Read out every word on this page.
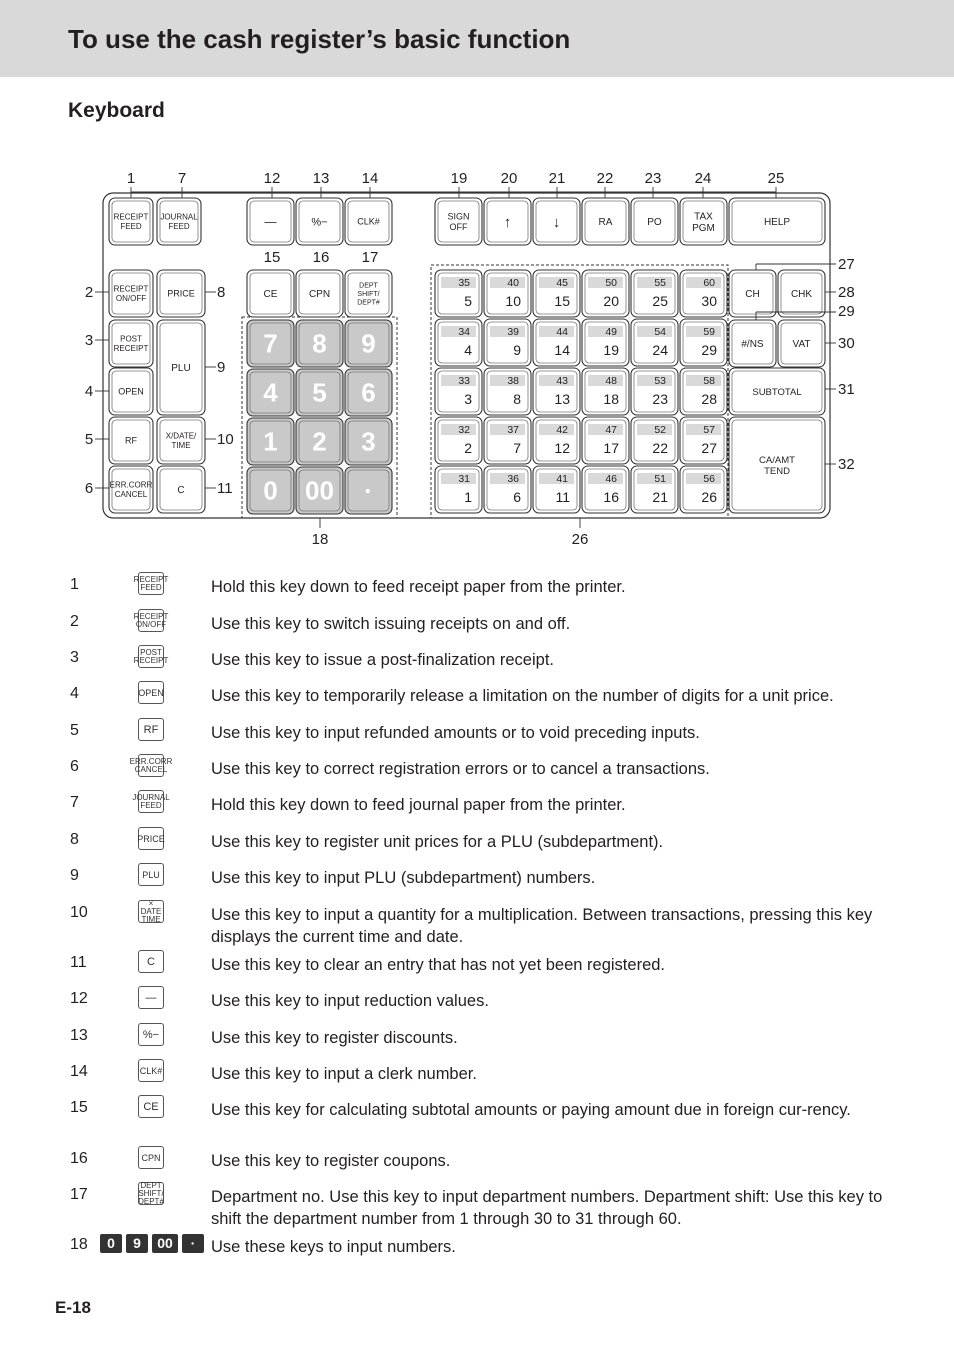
To use the cash register’s basic function
Keyboard
RECEIPT
FEED
JOURNAL
FEED
RECEIPT
ON/OFF PRICE
POST
RECEIPT
PLU
OPEN
RF	X/DATE/
TIME
ERR.CORR
CANCEL	C
—	%−	CLK#
CE	CPN
DEPT
SHIFT/
DEPT#
7 8 9
4 5 6
1 2 3
0 00 ·
SIGN
OFF ↑	↓	RA	PO
TAX
PGM
HELP
35
5
40
10
45
15
50
20
55
25
60
30
34
4
39
9
44
14
49
19
54
24
59
29
33
3
38
8
43
13
48
18
53
23
58
28
32
2
37
7
42
12
47
17
52
22
57
27
31
1
36
6
41
11
46
16
51
21
56
26
CH	CHK
#/NS	VAT
SUBTOTAL
CA/AMT
TEND
1	7	12 13 14	19 20 21 22 23 24	25
15 16 17
2
3
4
5
6
8
9
10
11
27
28
29
30
31
32
18	26
1	RECEIPT
FEED	Hold this key down to feed receipt paper from the printer.
2	RECEIPT
ON/OFF	Use this key to switch issuing receipts on and off.
3	POST
RECEIPT	Use this key to issue a post-finalization receipt.
4	OPEN	Use this key to temporarily release a limitation on the number of digits for a unit price.
5	RF	Use this key to input refunded amounts or to void preceding inputs.
6	ERR.CORR
CANCEL	Use this key to correct registration errors or to cancel a transactions.
7	JOURNAL
FEED	Hold this key down to feed journal paper from the printer.
8	PRICE	Use this key to register unit prices for a PLU (subdepartment).
9	PLU	Use this key to input PLU (subdepartment) numbers.
10
×
DATE TIME	Use this key to input a quantity for a multiplication. Between transactions, pressing this key displays the current time and date.
11	C	Use this key to clear an entry that has not yet been registered.
12	—	Use this key to input reduction values.
13	%−	Use this key to register discounts.
14	CLK#	Use this key to input a clerk number.
15	CE	Use this key for calculating subtotal amounts or paying amount due in foreign cur-rency.
16	CPN	Use this key to register coupons.
17
DEPT
SHIFT/
DEPT#	Department no. Use this key to input department numbers. Department shift: Use this key to shift the department number from 1 through 30 to 31 through 60.
18	0	9	00	· Use these keys to input numbers.
E-18
